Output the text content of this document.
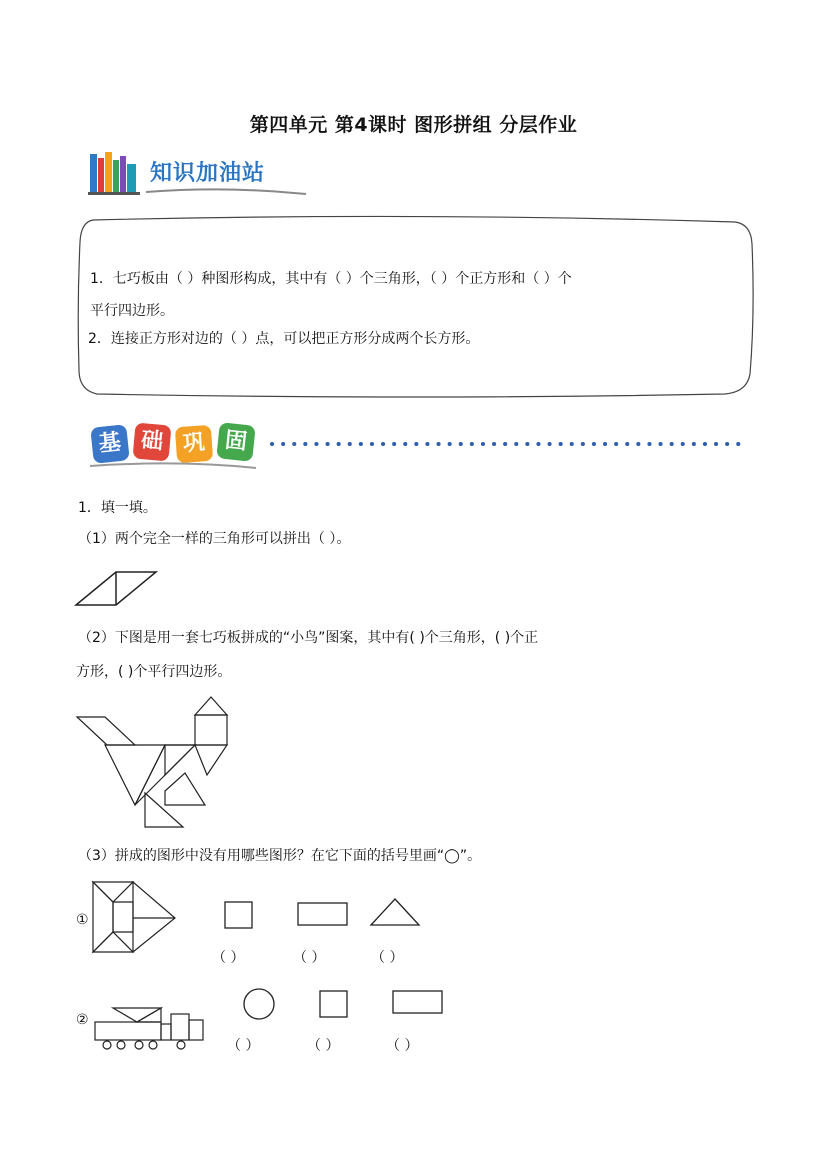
第四单元 第4课时 图形拼组 分层作业
知识加油站
1．七巧板由（ ）种图形构成，其中有（ ）个三角形，（ ）个正方形和（ ）个
平行四边形。
2．连接正方形对边的（ ）点，可以把正方形分成两个长方形。
基 础 巩 固
1．填一填。
（1）两个完全一样的三角形可以拼出（ ）。
（2）下图是用一套七巧板拼成的“小鸟”图案，其中有( )个三角形，( )个正
方形，( )个平行四边形。
（3）拼成的图形中没有用哪些图形？在它下面的括号里画“◯”。
①
（ ）	（ ）	（ ）
②
（ ）	（ ）	（ ）
